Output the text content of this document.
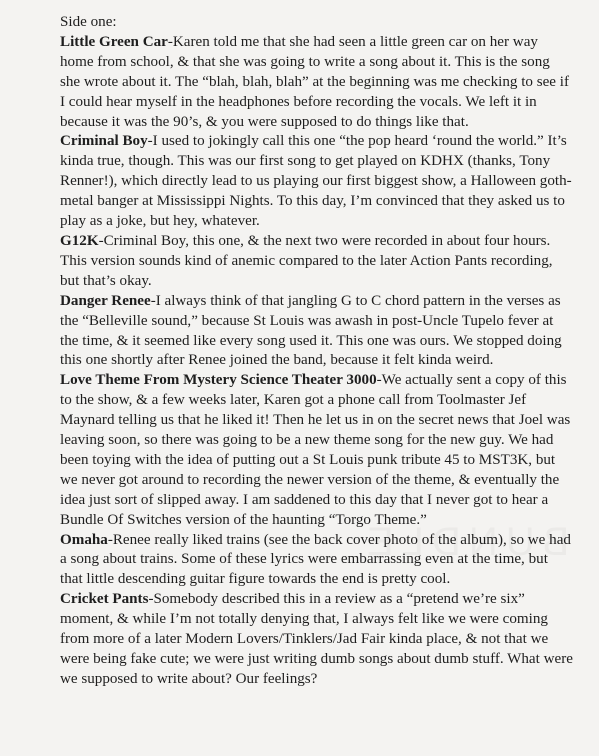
Side one:

Little Green Car-Karen told me that she had seen a little green car on her way home from school, & that she was going to write a song about it. This is the song she wrote about it. The “blah, blah, blah” at the beginning was me checking to see if I could hear myself in the headphones before recording the vocals. We left it in because it was the 90’s, & you were supposed to do things like that.

Criminal Boy-I used to jokingly call this one “the pop heard ‘round the world.” It’s kinda true, though. This was our first song to get played on KDHX (thanks, Tony Renner!), which directly lead to us playing our first biggest show, a Halloween goth-metal banger at Mississippi Nights. To this day, I’m convinced that they asked us to play as a joke, but hey, whatever.

G12K-Criminal Boy, this one, & the next two were recorded in about four hours. This version sounds kind of anemic compared to the later Action Pants recording, but that’s okay.

Danger Renee-I always think of that jangling G to C chord pattern in the verses as the “Belleville sound,” because St Louis was awash in post-Uncle Tupelo fever at the time, & it seemed like every song used it. This one was ours. We stopped doing this one shortly after Renee joined the band, because it felt kinda weird.

Love Theme From Mystery Science Theater 3000-We actually sent a copy of this to the show, & a few weeks later, Karen got a phone call from Toolmaster Jef Maynard telling us that he liked it! Then he let us in on the secret news that Joel was leaving soon, so there was going to be a new theme song for the new guy. We had been toying with the idea of putting out a St Louis punk tribute 45 to MST3K, but we never got around to recording the newer version of the theme, & eventually the idea just sort of slipped away. I am saddened to this day that I never got to hear a Bundle Of Switches version of the haunting “Torgo Theme.”

Omaha-Renee really liked trains (see the back cover photo of the album), so we had a song about trains. Some of these lyrics were embarrassing even at the time, but that little descending guitar figure towards the end is pretty cool.

Cricket Pants-Somebody described this in a review as a “pretend we’re six” moment, & while I’m not totally denying that, I always felt like we were coming from more of a later Modern Lovers/Tinklers/Jad Fair kinda place, & not that we were being fake cute; we were just writing dumb songs about dumb stuff. What were we supposed to write about? Our feelings?
